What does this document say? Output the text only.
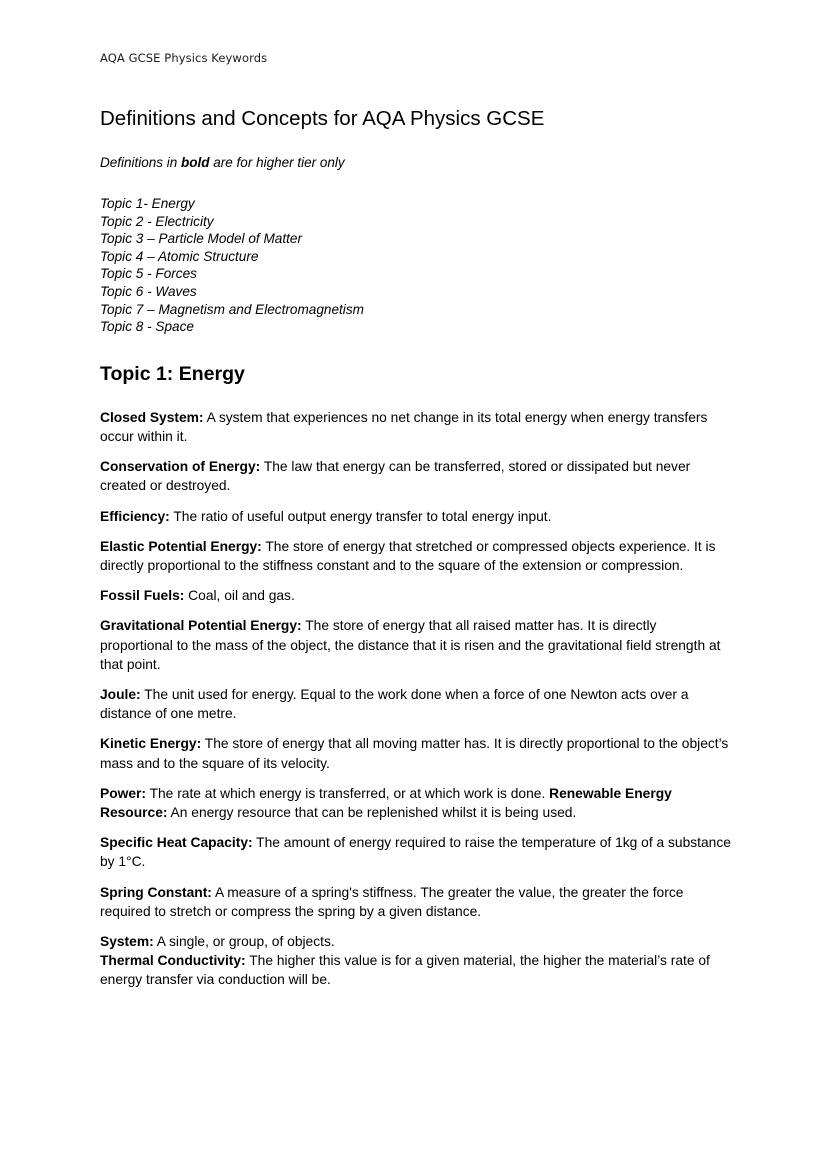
AQA GCSE Physics Keywords
Definitions and Concepts for AQA Physics GCSE

Definitions in bold are for higher tier only

Topic 1- Energy
Topic 2 - Electricity
Topic 3 – Particle Model of Matter
Topic 4 – Atomic Structure
Topic 5 - Forces
Topic 6 - Waves
Topic 7 – Magnetism and Electromagnetism
Topic 8 - Space
Topic 1: Energy

Closed System: A system that experiences no net change in its total energy when energy transfers occur within it.

Conservation of Energy: The law that energy can be transferred, stored or dissipated but never created or destroyed.

Efficiency: The ratio of useful output energy transfer to total energy input.

Elastic Potential Energy: The store of energy that stretched or compressed objects experience. It is directly proportional to the stiffness constant and to the square of the extension or compression.

Fossil Fuels: Coal, oil and gas.

Gravitational Potential Energy: The store of energy that all raised matter has. It is directly proportional to the mass of the object, the distance that it is risen and the gravitational field strength at that point.

Joule: The unit used for energy. Equal to the work done when a force of one Newton acts over a distance of one metre.

Kinetic Energy: The store of energy that all moving matter has. It is directly proportional to the object’s mass and to the square of its velocity.

Power: The rate at which energy is transferred, or at which work is done. Renewable Energy Resource: An energy resource that can be replenished whilst it is being used.

Specific Heat Capacity: The amount of energy required to raise the temperature of 1kg of a substance by 1°C.

Spring Constant: A measure of a spring's stiffness. The greater the value, the greater the force required to stretch or compress the spring by a given distance.

System: A single, or group, of objects.

Thermal Conductivity: The higher this value is for a given material, the higher the material’s rate of energy transfer via conduction will be.
